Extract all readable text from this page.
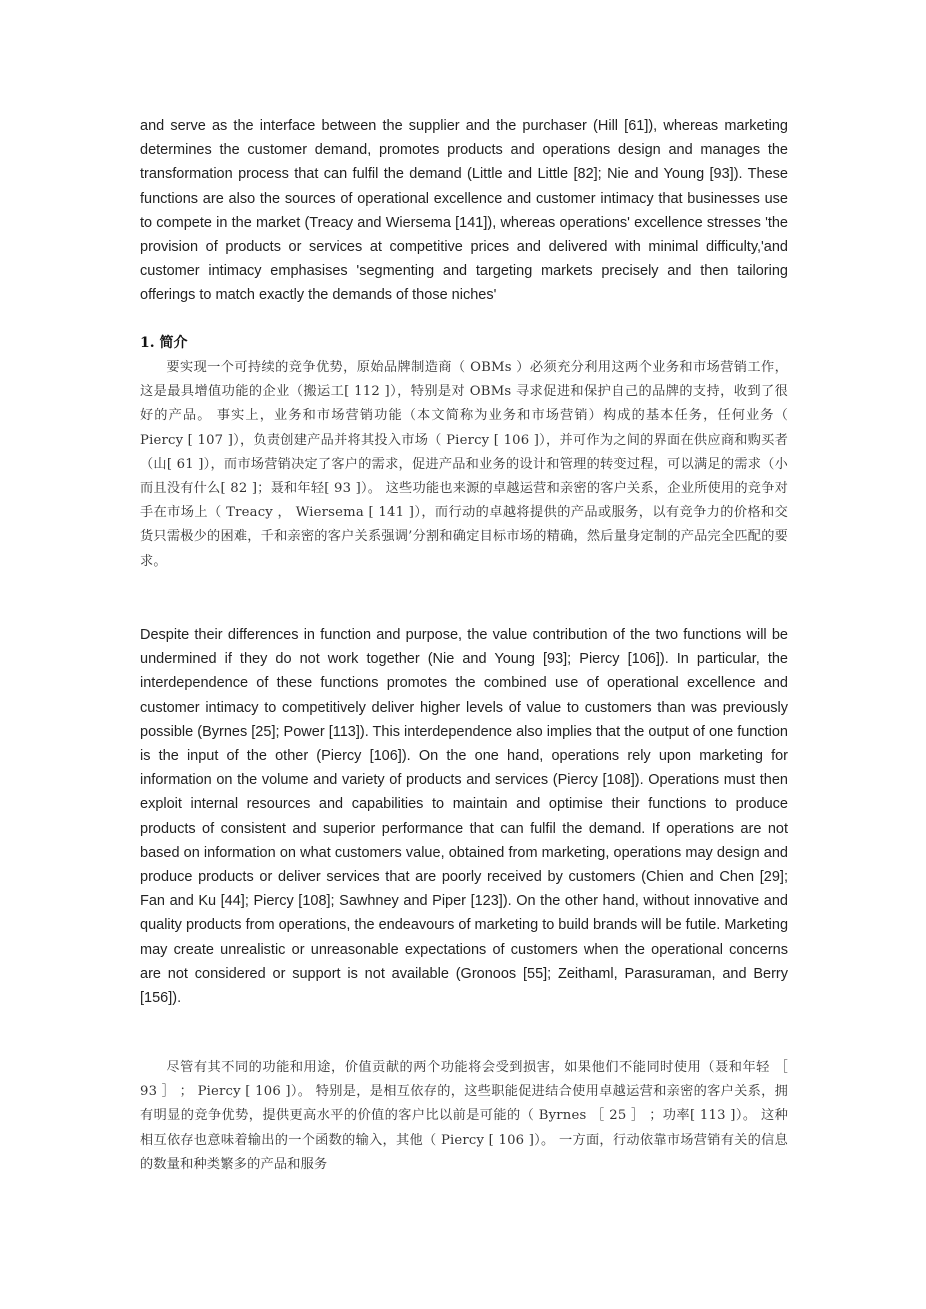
and serve as the interface between the supplier and the purchaser (Hill [61]), whereas marketing determines the customer demand, promotes products and operations design and manages the transformation process that can fulfil the demand (Little and Little [82]; Nie and Young [93]). These functions are also the sources of operational excellence and customer intimacy that businesses use to compete in the market (Treacy and Wiersema [141]), whereas operations' excellence stresses 'the provision of products or services at competitive prices and delivered with minimal difficulty,'and customer intimacy emphasises 'segmenting and targeting markets precisely and then tailoring offerings to match exactly the demands of those niches'

1. 简介

要实现一个可持续的竞争优势，原始品牌制造商（ OBMs ）必须充分利用这两个业务和市场营销工作，这是最具增值功能的企业（搬运工[ 112 ]），特别是对 OBMs 寻求促进和保护自己的品牌的支持，收到了很好的产品。 事实上，业务和市场营销功能（本文简称为业务和市场营销）构成的基本任务，任何业务（ Piercy [ 107 ]），负责创建产品并将其投入市场（ Piercy [ 106 ]），并可作为之间的界面在供应商和购买者（山[ 61 ]），而市场营销决定了客户的需求，促进产品和业务的设计和管理的转变过程，可以满足的需求（小而且没有什么[ 82 ]；聂和年轻[ 93 ]）。 这些功能也来源的卓越运营和亲密的客户关系，企业所使用的竞争对手在市场上（ Treacy ， Wiersema [ 141 ]），而行动的卓越将提供的产品或服务，以有竞争力的价格和交货只需极少的困难，千和亲密的客户关系强调’分割和确定目标市场的精确，然后量身定制的产品完全匹配的要求。

Despite their differences in function and purpose, the value contribution of the two functions will be undermined if they do not work together (Nie and Young [93]; Piercy [106]). In particular, the interdependence of these functions promotes the combined use of operational excellence and customer intimacy to competitively deliver higher levels of value to customers than was previously possible (Byrnes [25]; Power [113]). This interdependence also implies that the output of one function is the input of the other (Piercy [106]). On the one hand, operations rely upon marketing for information on the volume and variety of products and services (Piercy [108]). Operations must then exploit internal resources and capabilities to maintain and optimise their functions to produce products of consistent and superior performance that can fulfil the demand. If operations are not based on information on what customers value, obtained from marketing, operations may design and produce products or deliver services that are poorly received by customers (Chien and Chen [29]; Fan and Ku [44]; Piercy [108]; Sawhney and Piper [123]). On the other hand, without innovative and quality products from operations, the endeavours of marketing to build brands will be futile. Marketing may create unrealistic or unreasonable expectations of customers when the operational concerns are not considered or support is not available (Gronoos [55]; Zeithaml, Parasuraman, and Berry [156]).

尽管有其不同的功能和用途，价值贡献的两个功能将会受到损害，如果他们不能同时使用（聂和年轻 ［ 93 ］ ； Piercy [ 106 ]）。 特别是，是相互依存的，这些职能促进结合使用卓越运营和亲密的客户关系，拥有明显的竞争优势，提供更高水平的价值的客户比以前是可能的（ Byrnes ［ 25 ］ ；功率[ 113 ]）。 这种相互依存也意味着输出的一个函数的输入，其他（ Piercy [ 106 ]）。 一方面，行动依靠市场营销有关的信息的数量和种类繁多的产品和服务
